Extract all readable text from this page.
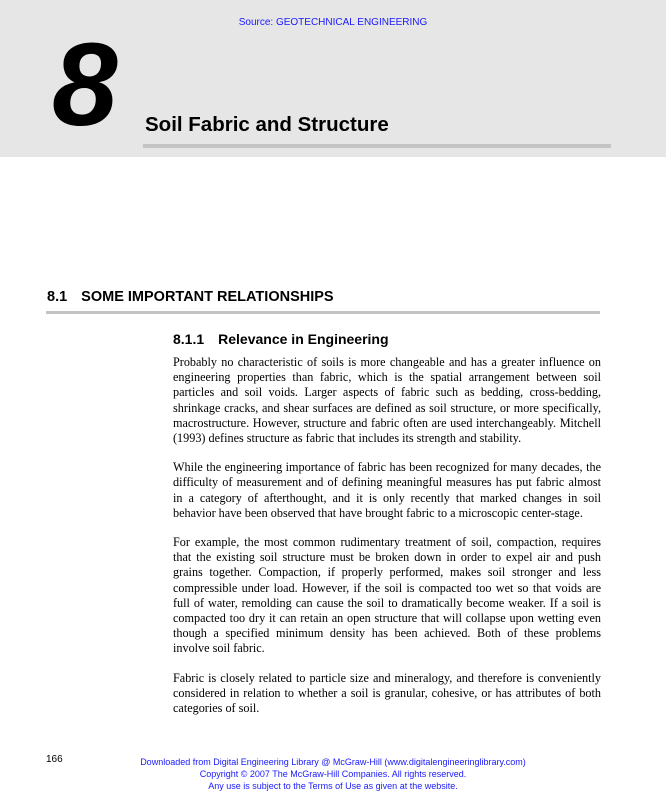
Source: GEOTECHNICAL ENGINEERING
8 Soil Fabric and Structure
8.1 SOME IMPORTANT RELATIONSHIPS
8.1.1 Relevance in Engineering

Probably no characteristic of soils is more changeable and has a greater influence on engineering properties than fabric, which is the spatial arrangement between soil particles and soil voids. Larger aspects of fabric such as bedding, cross-bedding, shrinkage cracks, and shear surfaces are defined as soil structure, or more specifically, macrostructure. However, structure and fabric often are used interchangeably. Mitchell (1993) defines structure as fabric that includes its strength and stability.

While the engineering importance of fabric has been recognized for many decades, the difficulty of measurement and of defining meaningful measures has put fabric almost in a category of afterthought, and it is only recently that marked changes in soil behavior have been observed that have brought fabric to a microscopic center-stage.

For example, the most common rudimentary treatment of soil, compaction, requires that the existing soil structure must be broken down in order to expel air and push grains together. Compaction, if properly performed, makes soil stronger and less compressible under load. However, if the soil is compacted too wet so that voids are full of water, remolding can cause the soil to dramatically become weaker. If a soil is compacted too dry it can retain an open structure that will collapse upon wetting even though a specified minimum density has been achieved. Both of these problems involve soil fabric.

Fabric is closely related to particle size and mineralogy, and therefore is conveniently considered in relation to whether a soil is granular, cohesive, or has attributes of both categories of soil.

166	Downloaded from Digital Engineering Library @ McGraw-Hill (www.digitalengineeringlibrary.com)
Copyright © 2007 The McGraw-Hill Companies. All rights reserved.
Any use is subject to the Terms of Use as given at the website.
